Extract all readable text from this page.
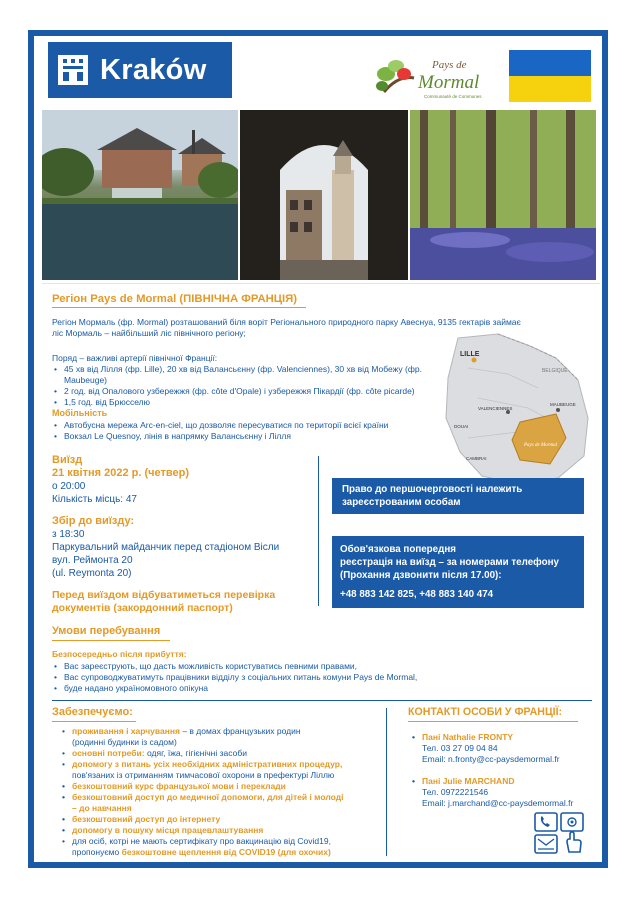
Kraków	Pays de
Mormal
Communauté de Communes
Регіон Pays de Mormal (ПІВНІЧНА ФРАНЦІЯ)
Регіон Мормаль (фр. Mormal) розташований біля воріт Регіонального природного парку Авеснуа, 9135 гектарів займає
ліс Мормаль – найбільший ліс північного регіону;
Поряд – важливі артерії північної Франції:
• 45 хв від Лілля (фр. Lille), 20 хв від Валансьєнну (фр. Valenciennes), 30 хв від Мобежу (фр. Maubeuge)
• 2 год. від Опалового узбережжя (фр. côte d'Opale) і узбережжя Пікардії (фр. côte picarde)
• 1,5 год. від Брюсселю
Мобільність
• Автобусна мережа Arc-en-ciel, що дозволяє пересуватися по території всієї країни
• Вокзал Le Quesnoy, лінія в напрямку Валансьєнну і Лілля
LILLE
BELGIQUE
VALENCIENNES
MAUBEUGE
CAMBRAI
DOUAI
Pays de Mormal
Виїзд
21 квітня 2022 р. (четвер)
о 20:00
Кількість місць: 47
Збір до виїзду:
з 18:30
Паркувальний майданчик перед стадіоном Вісли
вул. Реймонта 20
(ul. Reymonta 20)
Перед виїздом відбуватиметься перевірка
документів (закордонний паспорт)
Право до першочерговості належить
зареєстрованим особам
Обов'язкова попередня
реєстрація на виїзд – за номерами телефону
(Прохання дзвонити після 17.00):
+48 883 142 825, +48 883 140 474
Умови перебування
Безпосередньо після прибуття:
• Вас зареєструють, що дасть можливість користуватись певними правами,
• Вас супроводжуватимуть працівники відділу з соціальних питань комуни Pays de Mormal,
• буде надано україномовного опікуна
Забезпечуємо:
• проживання і харчування – в домах французьких родин
(родинні будинки із садом)
• основні потреби: одяг, їжа, гігієнічні засоби
• допомогу з питань усіх необхідних адміністративних процедур,
пов'язаних із отриманням тимчасової охорони в префектурі Ліллю
• безкоштовний курс французької мови і переклади
• безкоштовний доступ до медичної допомоги, для дітей і молоді
– до навчання
• безкоштовний доступ до інтернету
• допомогу в пошуку місця працевлаштування
• для осіб, котрі не мають сертифікату про вакцинацію від Covid19,
пропонуємо безкоштовне щеплення від COVID19 (для охочих)
КОНТАКТІ ОСОБИ У ФРАНЦІЇ:
• Пані Nathalie FRONTY
Тел. 03 27 09 04 84
Email: n.fronty@cc-paysdemormal.fr
• Пані Julie MARCHAND
Тел. 0972221546
Email: j.marchand@cc-paysdemormal.fr
